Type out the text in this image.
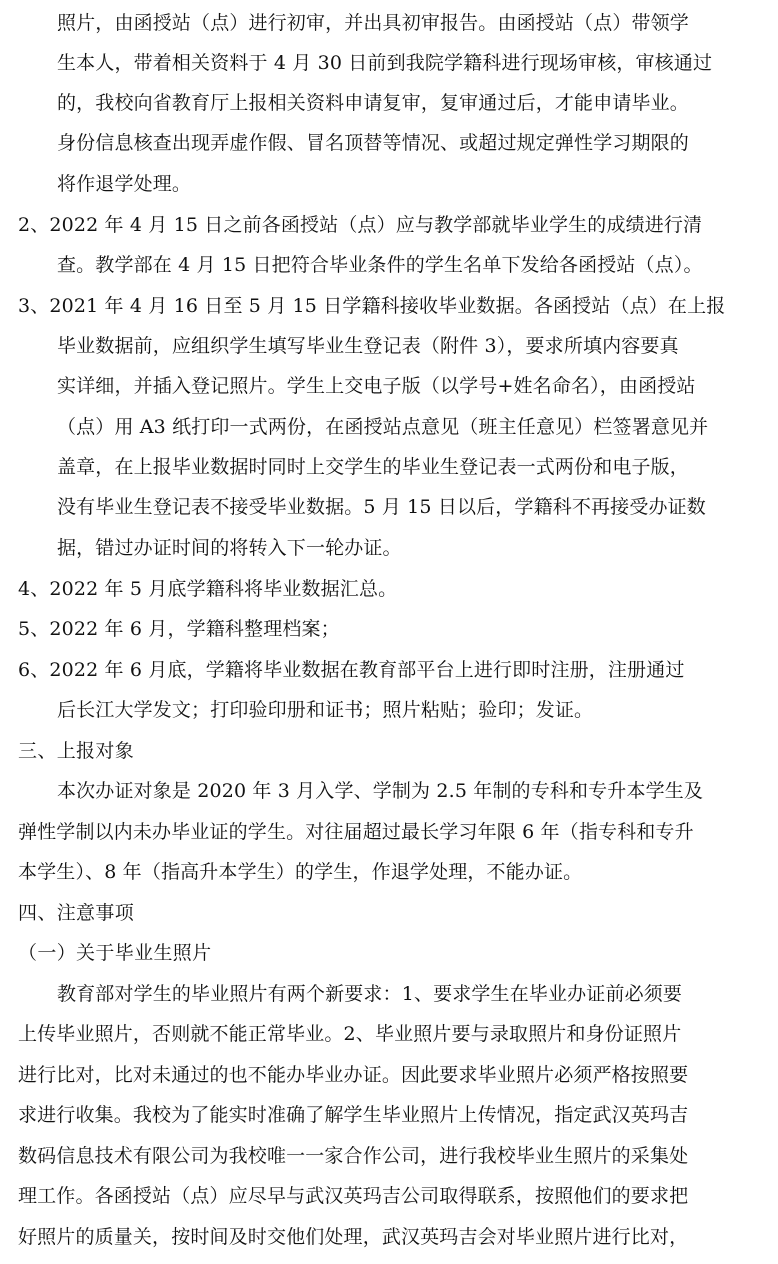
照片，由函授站（点）进行初审，并出具初审报告。由函授站（点）带领学

生本人，带着相关资料于 4 月 30 日前到我院学籍科进行现场审核，审核通过

的，我校向省教育厅上报相关资料申请复审，复审通过后，才能申请毕业。

身份信息核查出现弄虚作假、冒名顶替等情况、或超过规定弹性学习期限的

将作退学处理。

2、2022 年 4 月 15 日之前各函授站（点）应与教学部就毕业学生的成绩进行清

查。教学部在 4 月 15 日把符合毕业条件的学生名单下发给各函授站（点）。

3、2021 年 4 月 16 日至 5 月 15 日学籍科接收毕业数据。各函授站（点）在上报

毕业数据前，应组织学生填写毕业生登记表（附件 3），要求所填内容要真

实详细，并插入登记照片。学生上交电子版（以学号+姓名命名），由函授站

（点）用 A3 纸打印一式两份，在函授站点意见（班主任意见）栏签署意见并

盖章，在上报毕业数据时同时上交学生的毕业生登记表一式两份和电子版，

没有毕业生登记表不接受毕业数据。5 月 15 日以后，学籍科不再接受办证数

据，错过办证时间的将转入下一轮办证。

4、2022 年 5 月底学籍科将毕业数据汇总。

5、2022 年 6 月，学籍科整理档案；

6、2022 年 6 月底，学籍将毕业数据在教育部平台上进行即时注册，注册通过

后长江大学发文；打印验印册和证书；照片粘贴；验印；发证。

三、上报对象

本次办证对象是 2020 年 3 月入学、学制为 2.5 年制的专科和专升本学生及

弹性学制以内未办毕业证的学生。对往届超过最长学习年限 6 年（指专科和专升

本学生）、8 年（指高升本学生）的学生，作退学处理，不能办证。

四、注意事项

（一）关于毕业生照片

教育部对学生的毕业照片有两个新要求：1、要求学生在毕业办证前必须要

上传毕业照片，否则就不能正常毕业。2、毕业照片要与录取照片和身份证照片

进行比对，比对未通过的也不能办毕业办证。因此要求毕业照片必须严格按照要

求进行收集。我校为了能实时准确了解学生毕业照片上传情况，指定武汉英玛吉

数码信息技术有限公司为我校唯一一家合作公司，进行我校毕业生照片的采集处

理工作。各函授站（点）应尽早与武汉英玛吉公司取得联系，按照他们的要求把

好照片的质量关，按时间及时交他们处理，武汉英玛吉会对毕业照片进行比对，
